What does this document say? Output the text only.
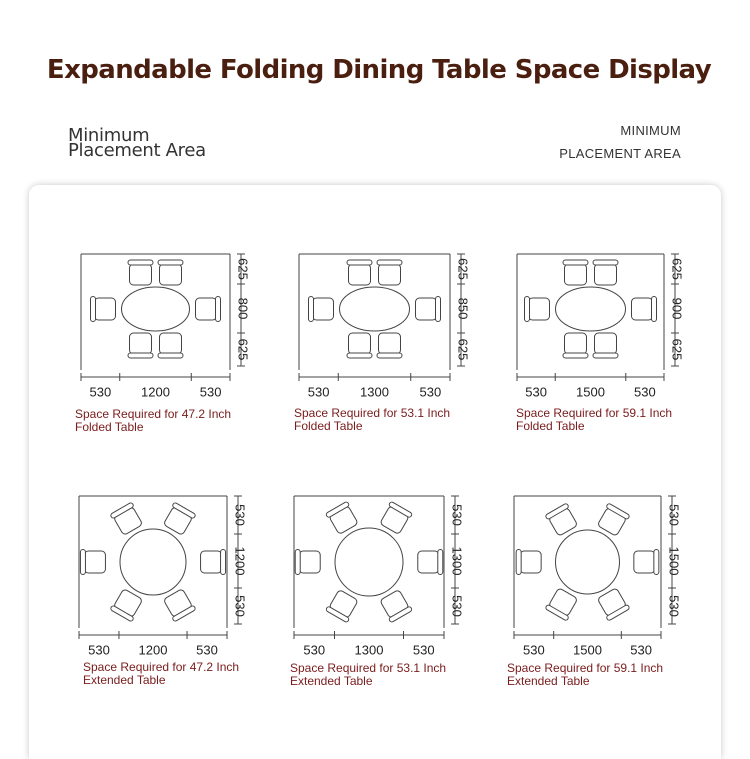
Expandable Folding Dining Table Space Display
Minimum
Placement Area
MINIMUM
PLACEMENT AREA
530 1200 530
625
800
625
530 1300 530
625
850
625
530 1500 530
625
900
625
Space Required for 47.2 Inch
Folded Table
Space Required for 53.1 Inch
Folded Table
Space Required for 59.1 Inch
Folded Table
530 1200 530
530
1200
530
530 1300 530
530
1300
530
530 1500 530
530
1500
530
Space Required for 47.2 Inch
Extended Table
Space Required for 53.1 Inch
Extended Table
Space Required for 59.1 Inch
Extended Table
